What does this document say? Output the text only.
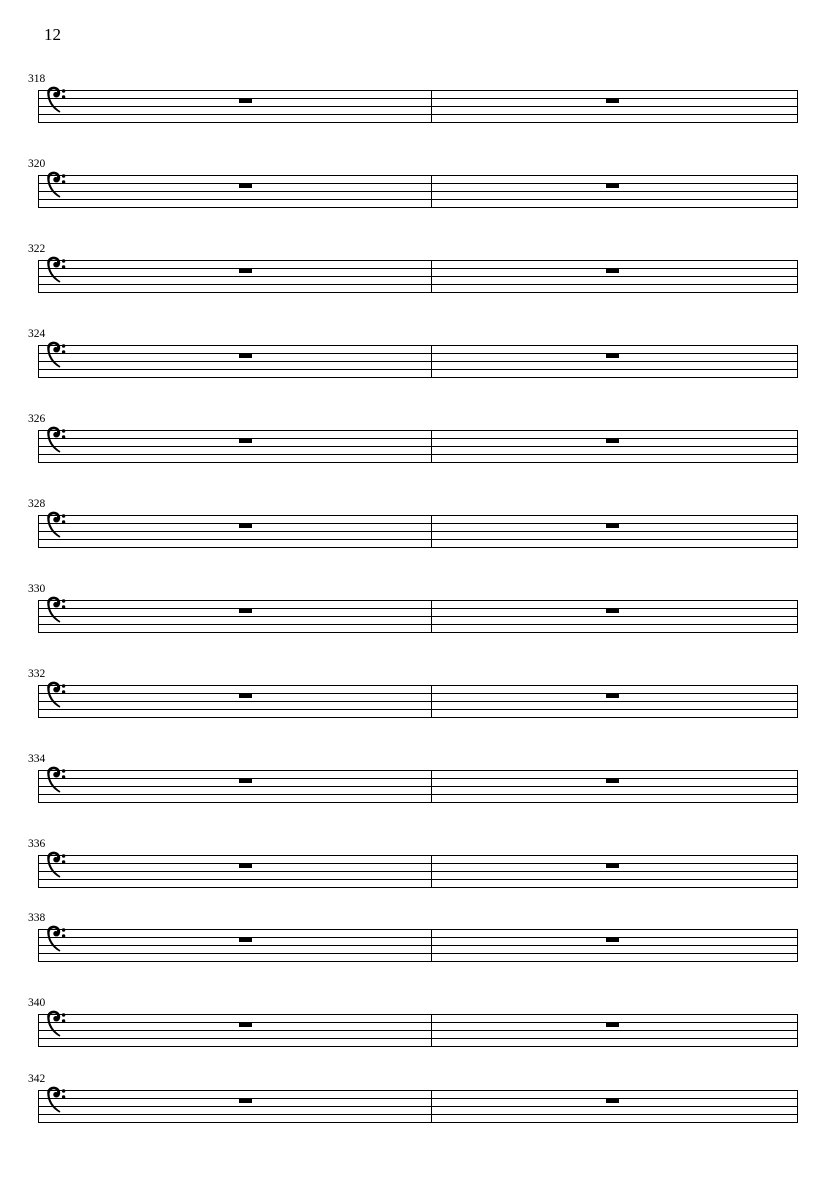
12
318
320
322
324
326
328
330
332
334
336
338
340
342
